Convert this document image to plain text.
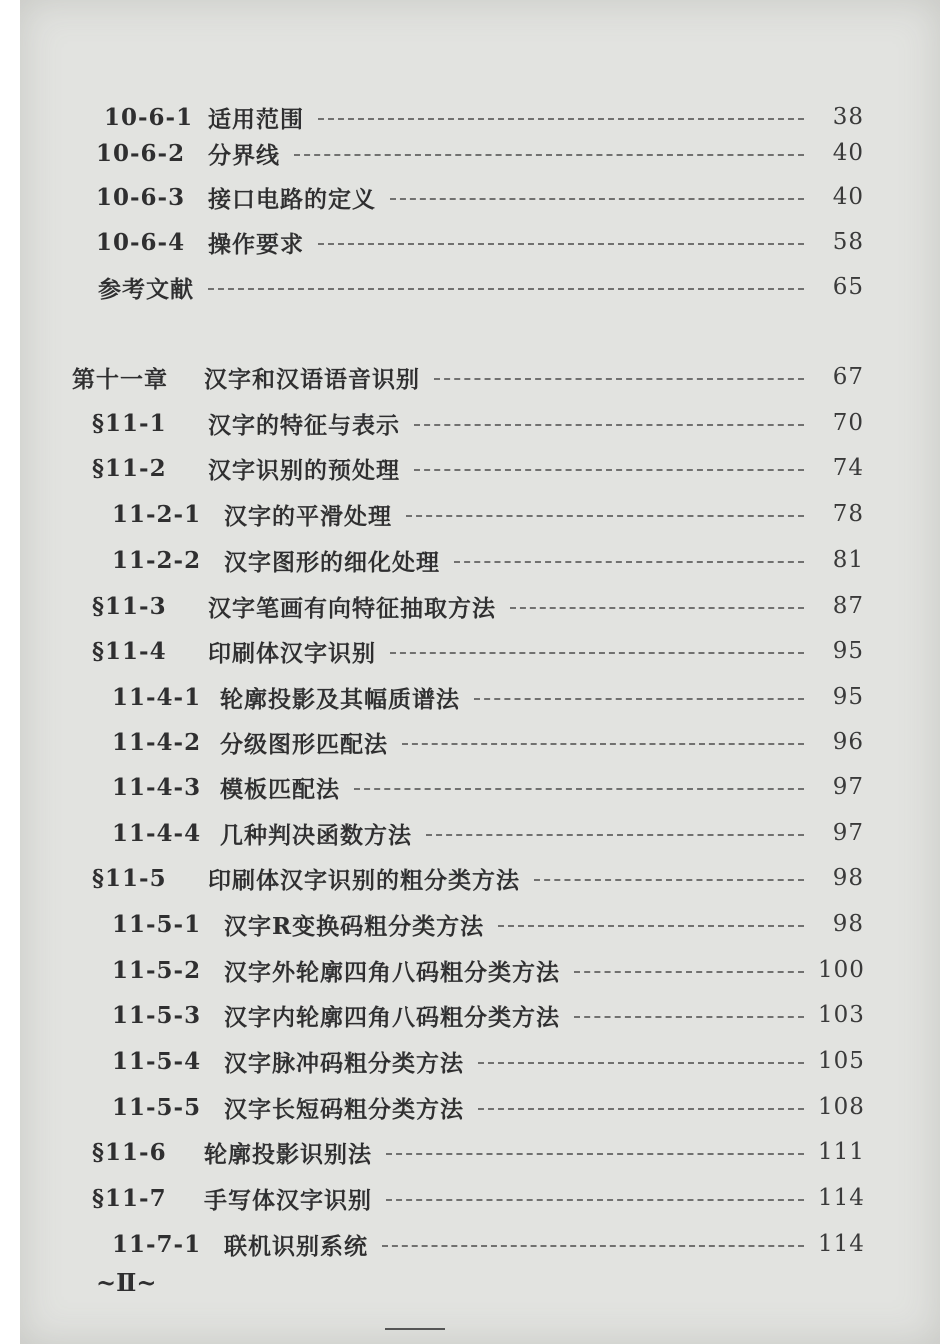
10-6-1 适用范围	38
10-6-2 分界线	40
10-6-3 接口电路的定义	40
10-6-4 操作要求	58
参考文献	65
第十一章	汉字和汉语语音识别	67
§11-1	汉字的特征与表示	70
§11-2	汉字识别的预处理	74
11-2-1 汉字的平滑处理	78
11-2-2 汉字图形的细化处理	81
§11-3	汉字笔画有向特征抽取方法	87
§11-4	印刷体汉字识别	95
11-4-1 轮廓投影及其幅质谱法	95
11-4-2 分级图形匹配法	96
11-4-3 模板匹配法	97
11-4-4 几种判决函数方法	97
§11-5	印刷体汉字识别的粗分类方法	98
11-5-1 汉字R变换码粗分类方法	98
11-5-2 汉字外轮廓四角八码粗分类方法	100
11-5-3 汉字内轮廓四角八码粗分类方法	103
11-5-4 汉字脉冲码粗分类方法	105
11-5-5 汉字长短码粗分类方法	108
§11-6	轮廓投影识别法	111
§11-7	手写体汉字识别	114
11-7-1 联机识别系统	114
~Ⅱ~
